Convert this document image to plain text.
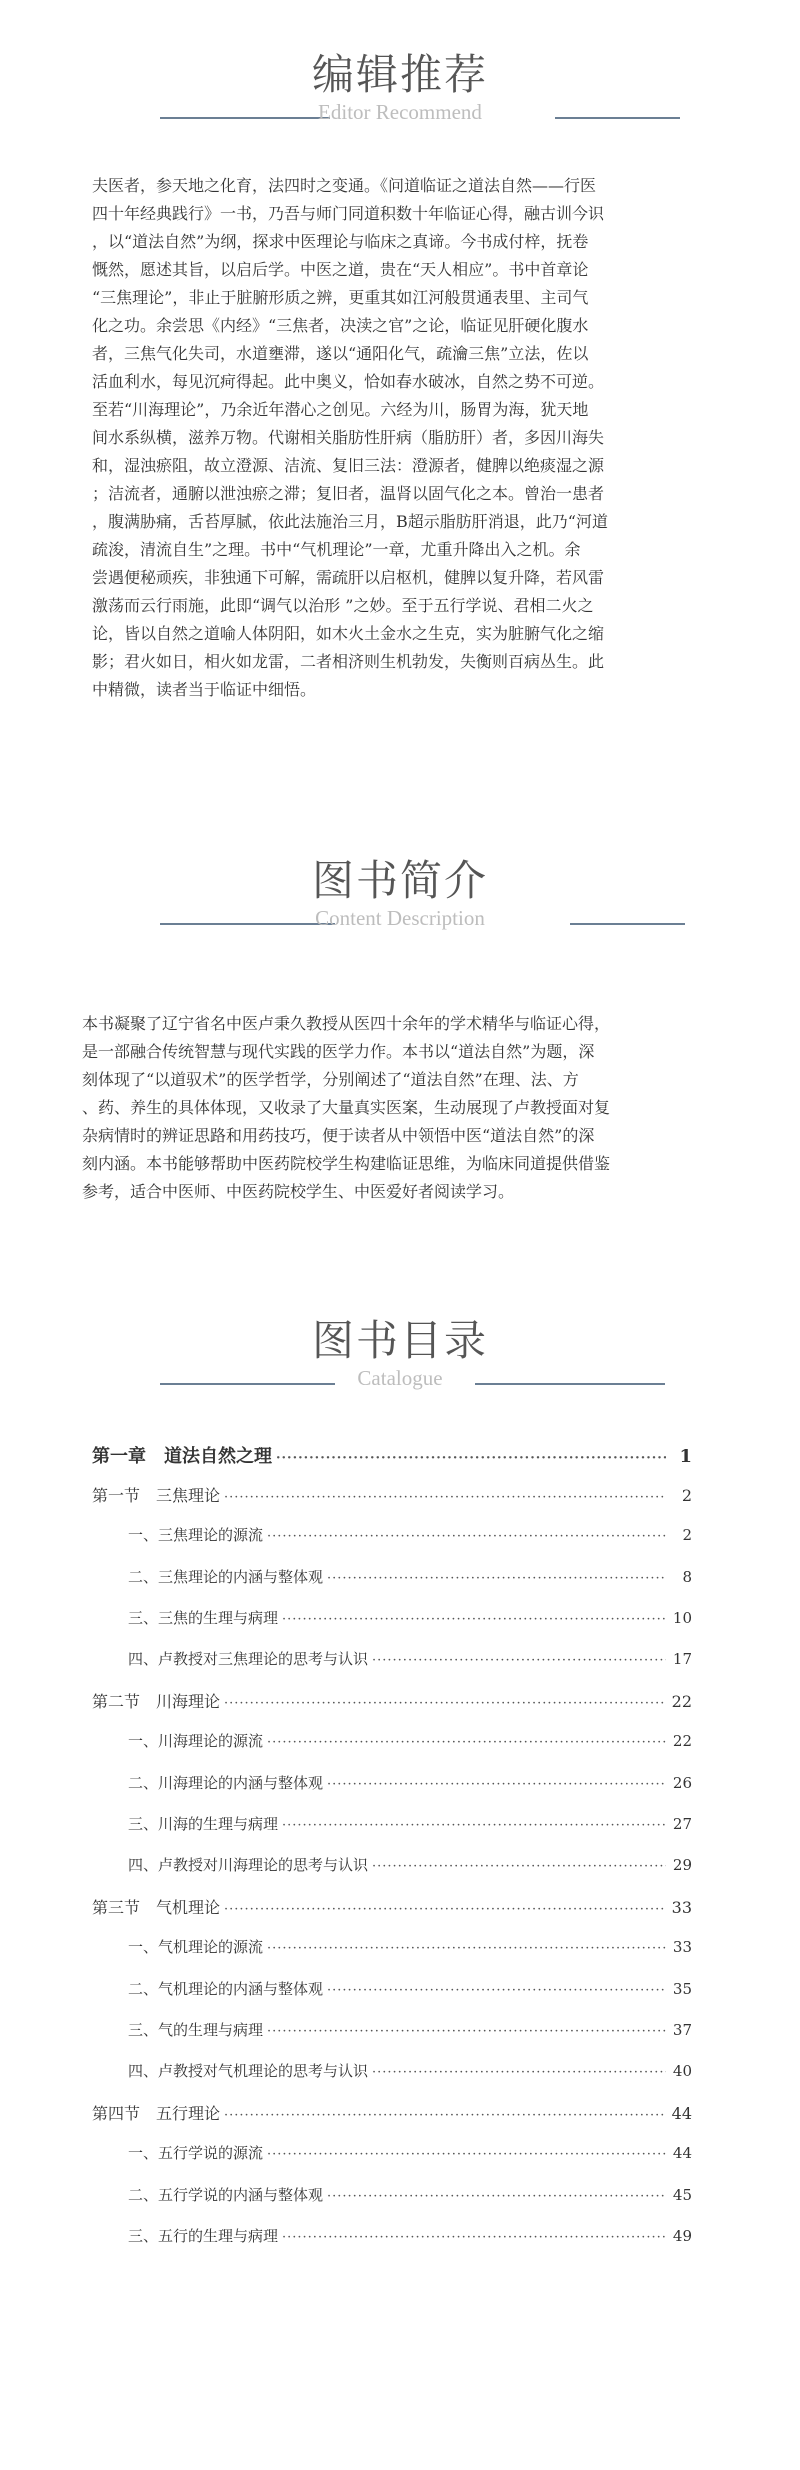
编辑推荐
Editor Recommend
夫医者，参天地之化育，法四时之变通。《问道临证之道法自然——行医
四十年经典践行》一书，乃吾与师门同道积数十年临证心得，融古训今识
，以“道法自然”为纲，探求中医理论与临床之真谛。今书成付梓，抚卷
慨然，愿述其旨，以启后学。中医之道，贵在“天人相应”。书中首章论
“三焦理论”，非止于脏腑形质之辨，更重其如江河般贯通表里、主司气
化之功。余尝思《内经》“三焦者，决渎之官”之论，临证见肝硬化腹水
者，三焦气化失司，水道壅滞，遂以“通阳化气，疏瀹三焦”立法，佐以
活血利水，每见沉疴得起。此中奥义，恰如春水破冰，自然之势不可逆。
至若“川海理论”，乃余近年潜心之创见。六经为川，肠胃为海，犹天地
间水系纵横，滋养万物。代谢相关脂肪性肝病（脂肪肝）者，多因川海失
和，湿浊瘀阻，故立澄源、洁流、复旧三法：澄源者，健脾以绝痰湿之源
；洁流者，通腑以泄浊瘀之滞；复旧者，温肾以固气化之本。曾治一患者
，腹满胁痛，舌苔厚腻，依此法施治三月，B超示脂肪肝消退，此乃“河道
疏浚，清流自生”之理。书中“气机理论”一章，尤重升降出入之机。余
尝遇便秘顽疾，非独通下可解，需疏肝以启枢机，健脾以复升降，若风雷
激荡而云行雨施，此即“调气以治形 ”之妙。至于五行学说、君相二火之
论，皆以自然之道喻人体阴阳，如木火土金水之生克，实为脏腑气化之缩
影；君火如日，相火如龙雷，二者相济则生机勃发，失衡则百病丛生。此
中精微，读者当于临证中细悟。
图书简介
Content Description
本书凝聚了辽宁省名中医卢秉久教授从医四十余年的学术精华与临证心得，
是一部融合传统智慧与现代实践的医学力作。本书以“道法自然”为题，深
刻体现了“以道驭术”的医学哲学，分别阐述了“道法自然”在理、法、方
、药、养生的具体体现，又收录了大量真实医案，生动展现了卢教授面对复
杂病情时的辨证思路和用药技巧，便于读者从中领悟中医“道法自然”的深
刻内涵。本书能够帮助中医药院校学生构建临证思维，为临床同道提供借鉴
参考，适合中医师、中医药院校学生、中医爱好者阅读学习。
图书目录
Catalogue
第一章　道法自然之理 ·····	1
第一节　三焦理论 ·····	2
一、三焦理论的源流 ·····	2
二、三焦理论的内涵与整体观 ·····	8
三、三焦的生理与病理 ·····	10
四、卢教授对三焦理论的思考与认识 ·····	17
第二节　川海理论 ·····	22
一、川海理论的源流 ·····	22
二、川海理论的内涵与整体观 ·····	26
三、川海的生理与病理 ·····	27
四、卢教授对川海理论的思考与认识 ·····	29
第三节　气机理论 ·····	33
一、气机理论的源流 ·····	33
二、气机理论的内涵与整体观 ·····	35
三、气的生理与病理 ·····	37
四、卢教授对气机理论的思考与认识 ·····	40
第四节　五行理论 ·····	44
一、五行学说的源流 ·····	44
二、五行学说的内涵与整体观 ·····	45
三、五行的生理与病理 ·····	49
